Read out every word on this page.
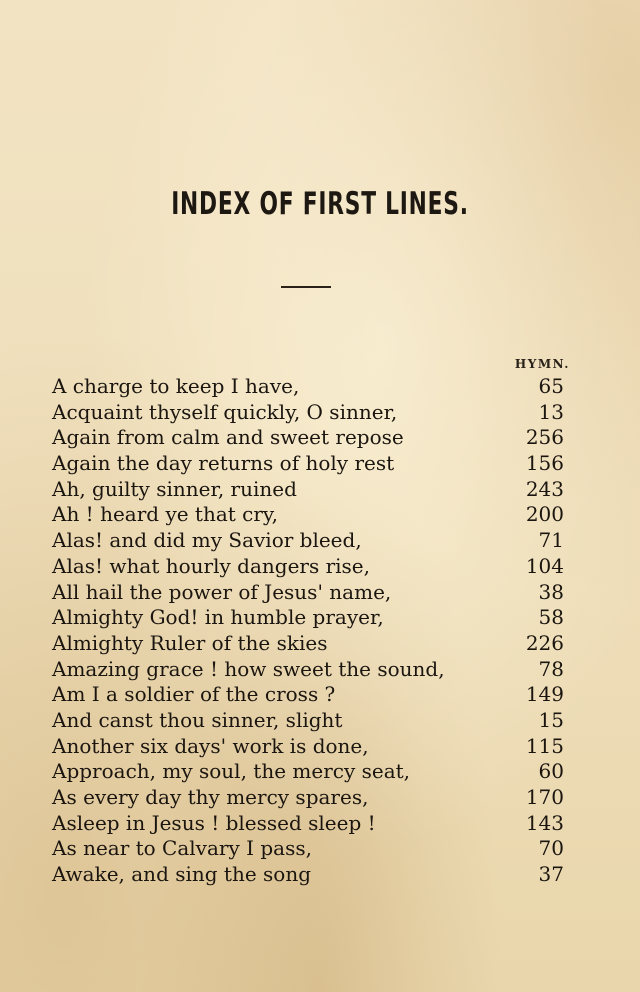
INDEX OF FIRST LINES.
HYMN.
A charge to keep I have,	65
Acquaint thyself quickly, O sinner,	13
Again from calm and sweet repose	256
Again the day returns of holy rest	156
Ah, guilty sinner, ruined	243
Ah ! heard ye that cry,	200
Alas! and did my Savior bleed,	71
Alas! what hourly dangers rise,	104
All hail the power of Jesus' name,	38
Almighty God! in humble prayer,	58
Almighty Ruler of the skies	226
Amazing grace ! how sweet the sound,	78
Am I a soldier of the cross ?	149
And canst thou sinner, slight	15
Another six days' work is done,	115
Approach, my soul, the mercy seat,	60
As every day thy mercy spares,	170
Asleep in Jesus ! blessed sleep !	143
As near to Calvary I pass,	70
Awake, and sing the song	37
